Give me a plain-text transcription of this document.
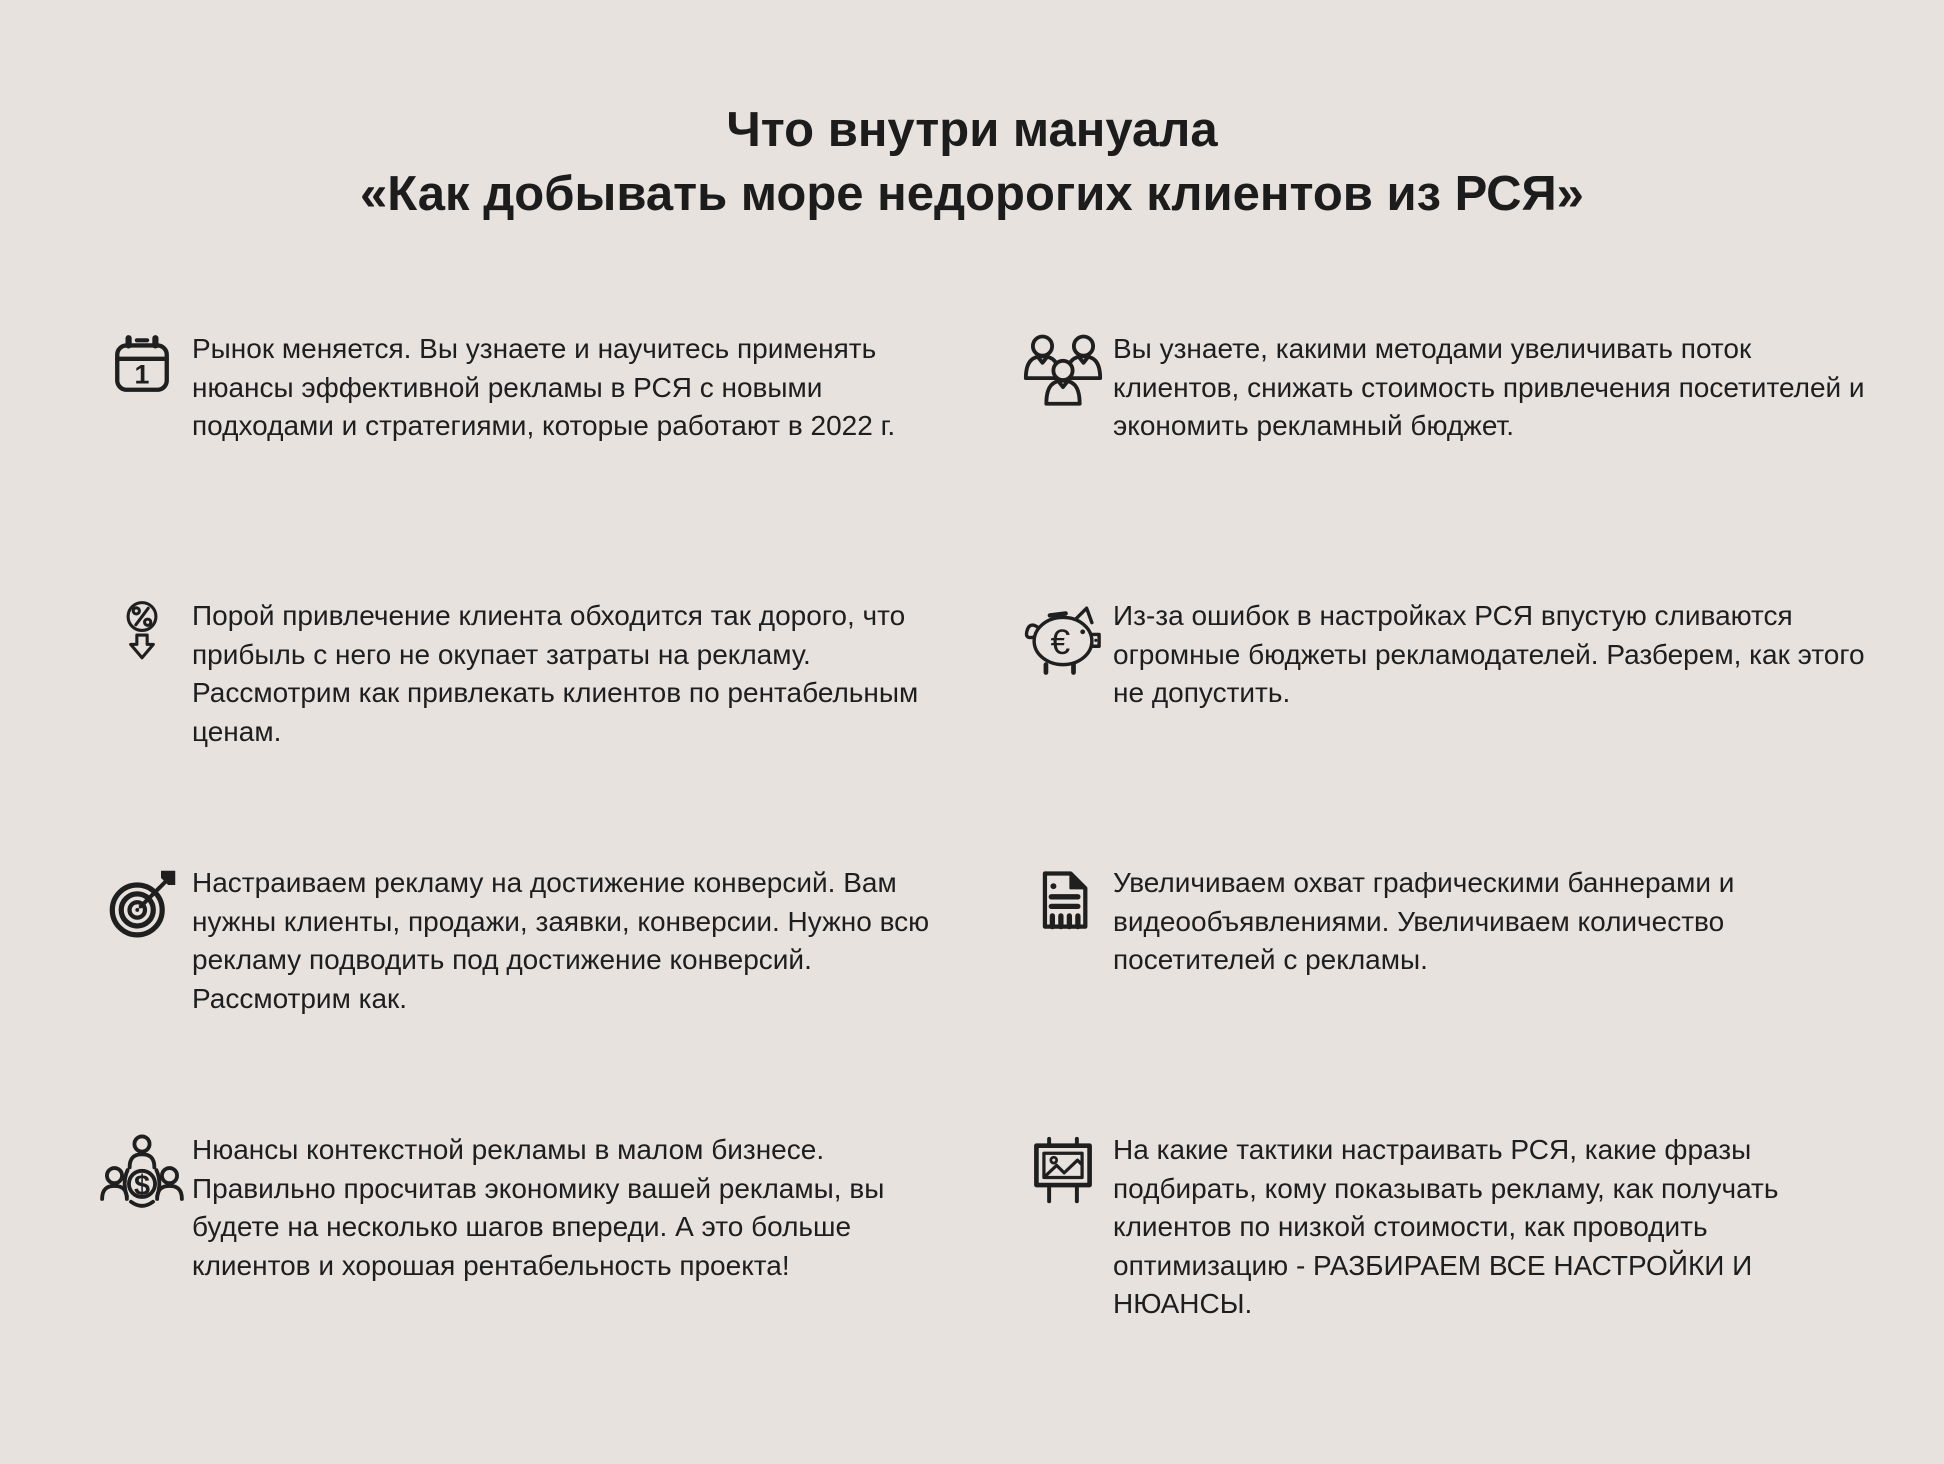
Что внутри мануала
«Как добывать море недорогих клиентов из РСЯ»
1
Рынок меняется. Вы узнаете и научитесь применять нюансы эффективной рекламы в РСЯ с новыми подходами и стратегиями, которые работают в 2022 г.
Вы узнаете, какими методами увеличивать поток клиентов, снижать стоимость привлечения посетителей и экономить рекламный бюджет.
Порой привлечение клиента обходится так дорого, что прибыль с него не окупает затраты на рекламу. Рассмотрим как привлекать клиентов по рентабельным ценам.
€
Из-за ошибок в настройках РСЯ впустую сливаются огромные бюджеты рекламодателей. Разберем, как этого не допустить.
Настраиваем рекламу на достижение конверсий. Вам нужны клиенты, продажи, заявки, конверсии. Нужно всю рекламу подводить под достижение конверсий. Рассмотрим как.
Увеличиваем охват графическими баннерами и видеообъявлениями. Увеличиваем количество посетителей с рекламы.
$
Нюансы контекстной рекламы в малом бизнесе. Правильно просчитав экономику вашей рекламы, вы будете на несколько шагов впереди. А это больше клиентов и хорошая рентабельность проекта!
На какие тактики настраивать РСЯ, какие фразы подбирать, кому показывать рекламу, как получать клиентов по низкой стоимости, как проводить оптимизацию - РАЗБИРАЕМ ВСЕ НАСТРОЙКИ И НЮАНСЫ.
